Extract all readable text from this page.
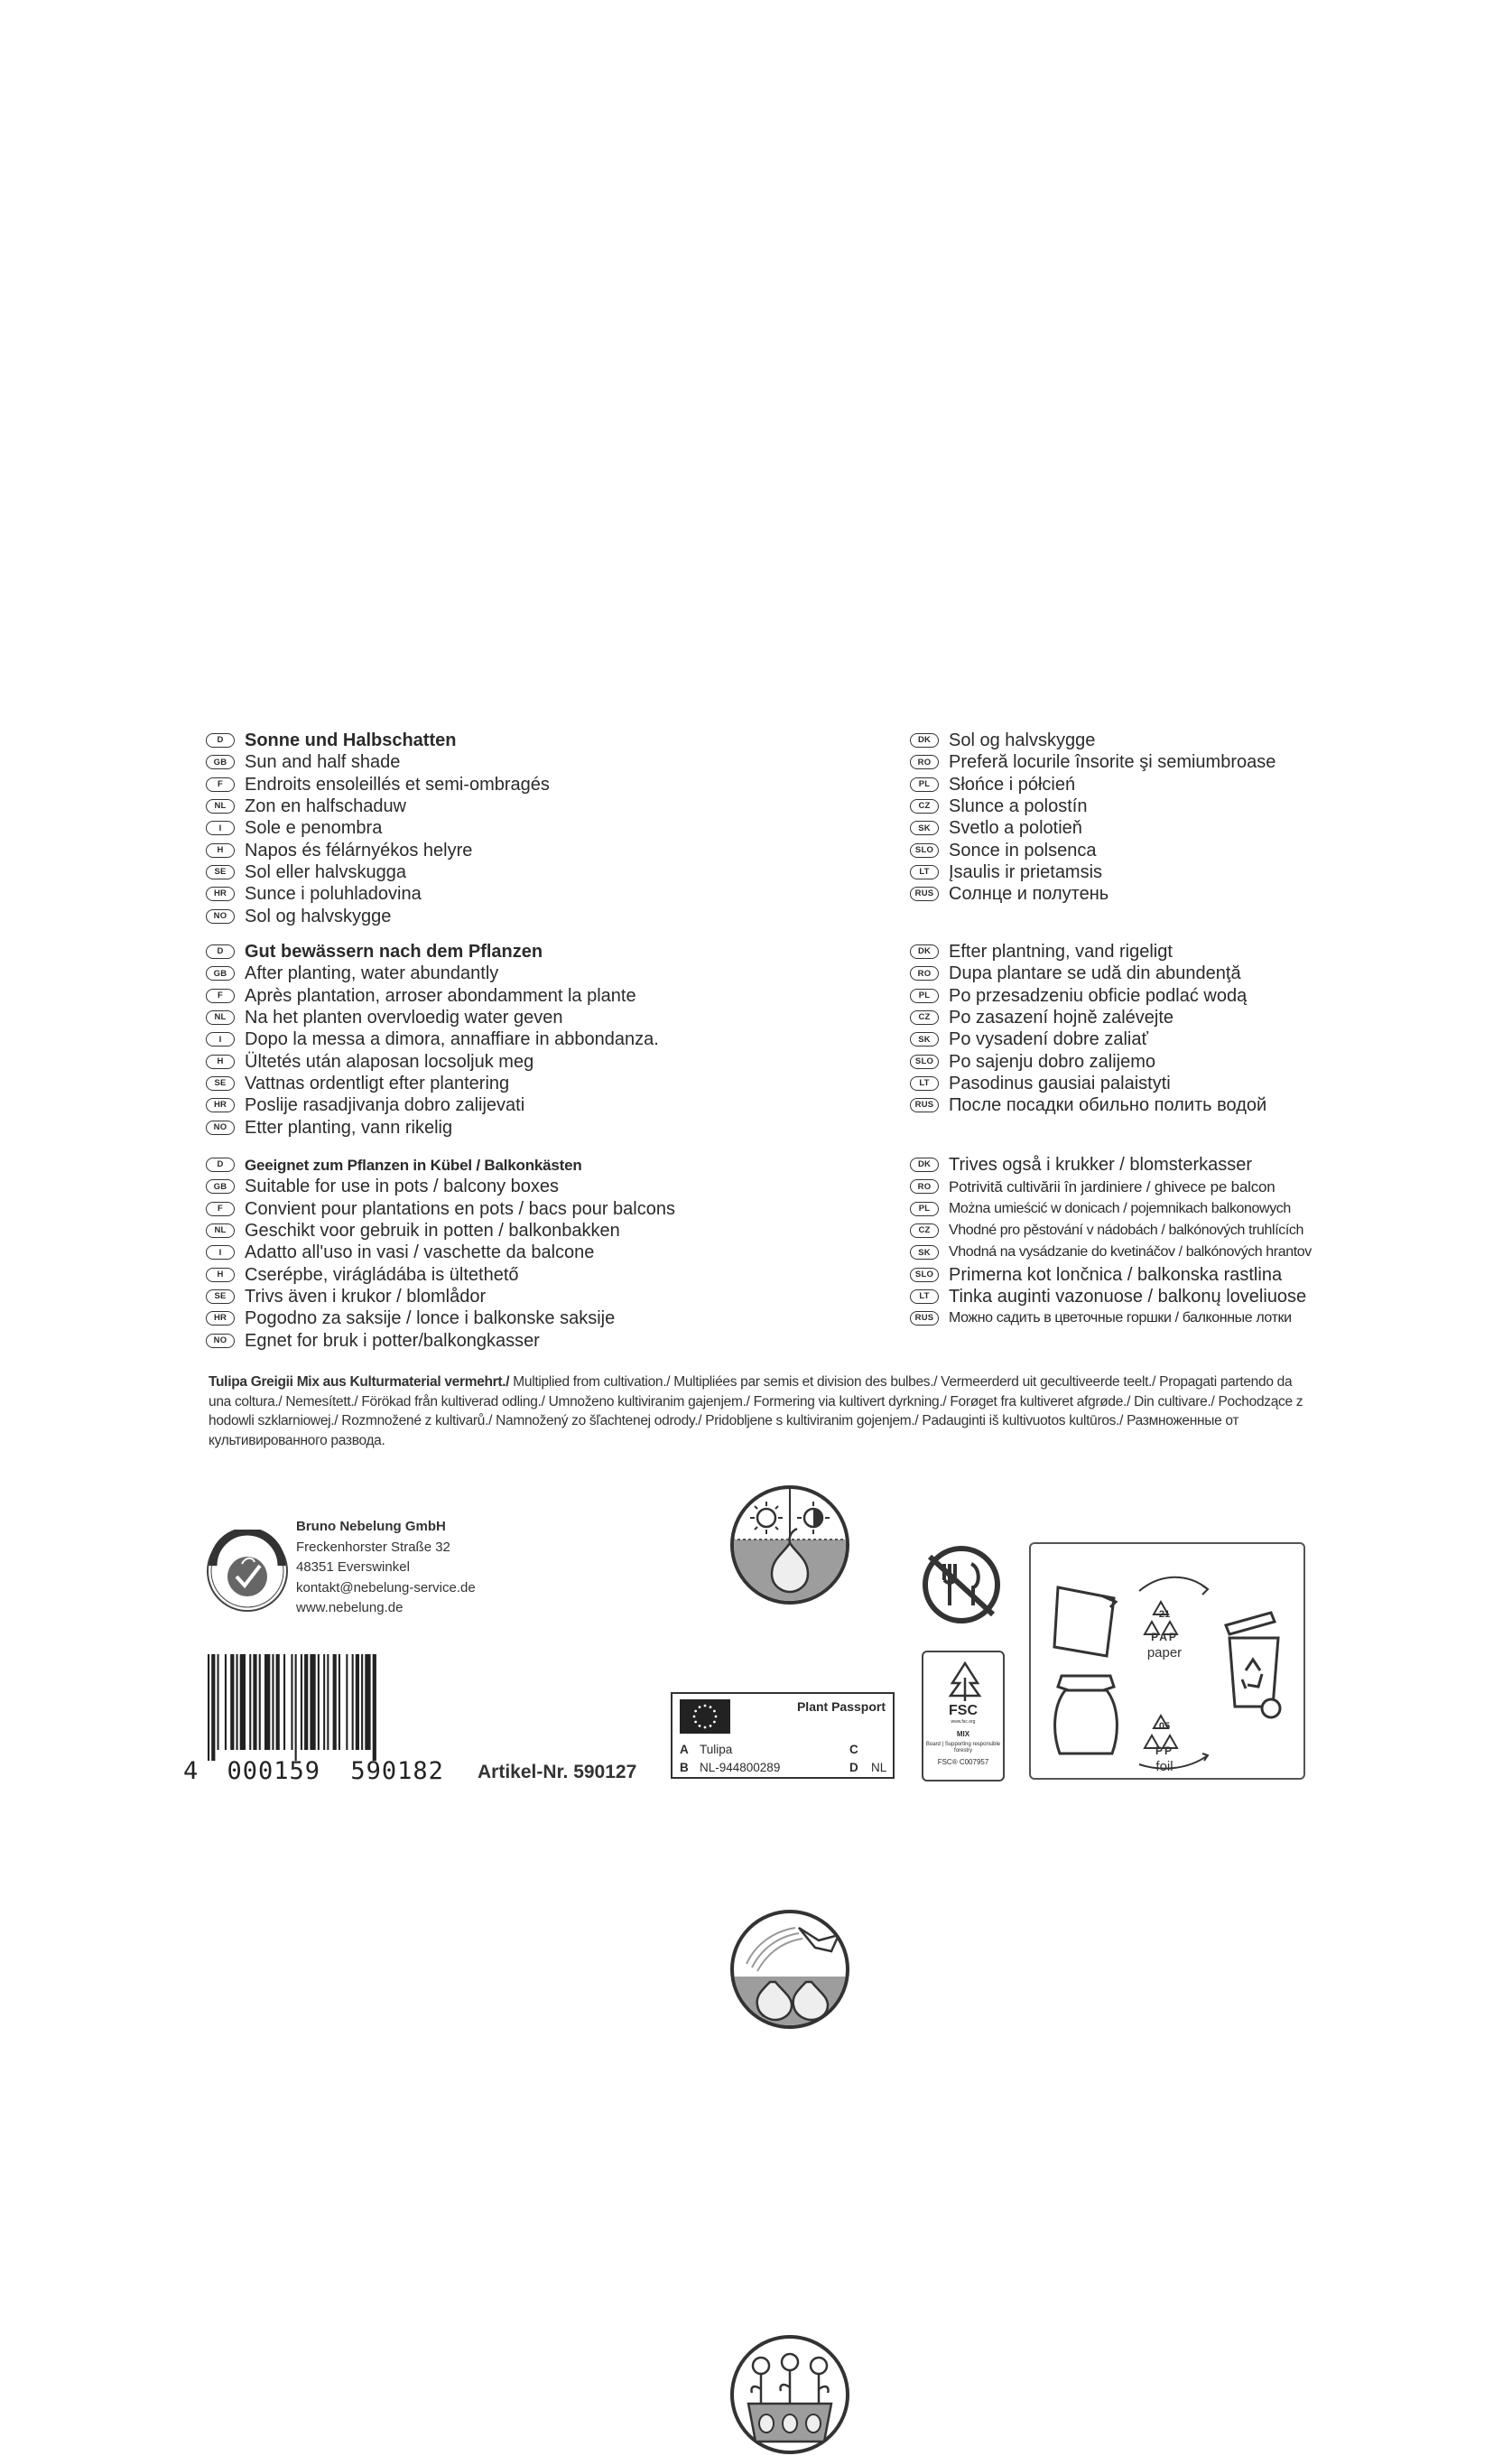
D	Sonne und Halbschatten
GB Sun and half shade
F	Endroits ensoleillés et semi-ombragés
NL	Zon en halfschaduw
I	Sole e penombra
H	Napos és félárnyékos helyre
SE	Sol eller halvskugga
HR Sunce i poluhladovina
NO Sol og halvskygge
DK Sol og halvskygge
RO Preferă locurile însorite şi semiumbroase
PL	Słońce i półcień
CZ	Slunce a polostín
SK	Svetlo a polotieň
SLO Sonce in polsenca
LT	Įsaulis ir prietamsis
RUS Солнце и полутень
D	Gut bewässern nach dem Pflanzen
GB After planting, water abundantly
F	Après plantation, arroser abondamment la plante
NL	Na het planten overvloedig water geven
I	Dopo la messa a dimora, annaffiare in abbondanza.
H	Ültetés után alaposan locsoljuk meg
SE	Vattnas ordentligt efter plantering
HR Poslije rasadjivanja dobro zalijevati
NO Etter planting, vann rikelig
DK Efter plantning, vand rigeligt
RO Dupa plantare se udă din abundenţă
PL	Po przesadzeniu obficie podlać wodą
CZ	Po zasazení hojně zalévejte
SK	Po vysadení dobre zaliať
SLO Po sajenju dobro zalijemo
LT	Pasodinus gausiai palaistyti
RUS После посадки обильно полить водой
D	Geeignet zum Pflanzen in Kübel / Balkonkästen
GB Suitable for use in pots / balcony boxes
F	Convient pour plantations en pots / bacs pour balcons
NL	Geschikt voor gebruik in potten / balkonbakken
I	Adatto all'uso in vasi / vaschette da balcone
H	Cserépbe, virágládába is ültethető
SE	Trivs även i krukor / blomlådor
HR Pogodno za saksije / lonce i balkonske saksije
NO Egnet for bruk i potter/balkongkasser
DK Trives også i krukker / blomsterkasser
RO	Potrivită cultivării în jardiniere / ghivece pe balcon
PL	Można umieścić w donicach / pojemnikach balkonowych
CZ	Vhodné pro pěstování v nádobách / balkónových truhlících
SK	Vhodná na vysádzanie do kvetináčov / balkónových hrantov
SLO Primerna kot lončnica / balkonska rastlina
LT	Tinka auginti vazonuose / balkonų loveliuose
RUS	Можно садить в цветочные горшки / балконные лотки
Tulipa Greigii Mix aus Kulturmaterial vermehrt./ Multiplied from cultivation./ Multipliées par semis et division des bulbes./ Vermeerderd uit gecultiveerde teelt./ Propagati partendo da una coltura./ Nemesített./ Förökad från kultiverad odling./ Umnoženo kultiviranim gajenjem./ Formering via kultivert dyrkning./ Forøget fra kultiveret afgrøde./ Din cultivare./ Pochodzące z hodowli szklarniowej./ Rozmnožené z kultivarů./ Namnožený zo šľachtenej odrody./ Pridobljene s kultiviranim gojenjem./ Padauginti iš kultivuotos kultūros./ Размноженные от культивированного развода.
Bruno Nebelung GmbH
Freckenhorster Straße 32
48351 Everswinkel
kontakt@nebelung-service.de
www.nebelung.de
4 000159 590182 Artikel-Nr. 590127
Plant Passport
A Tulipa
B NL-944800289
C
D NL
FSC
www.fsc.org
MIX
Board | Supporting responsible forestry
FSC® C007957
21
PAP
paper
05
PP
foil
